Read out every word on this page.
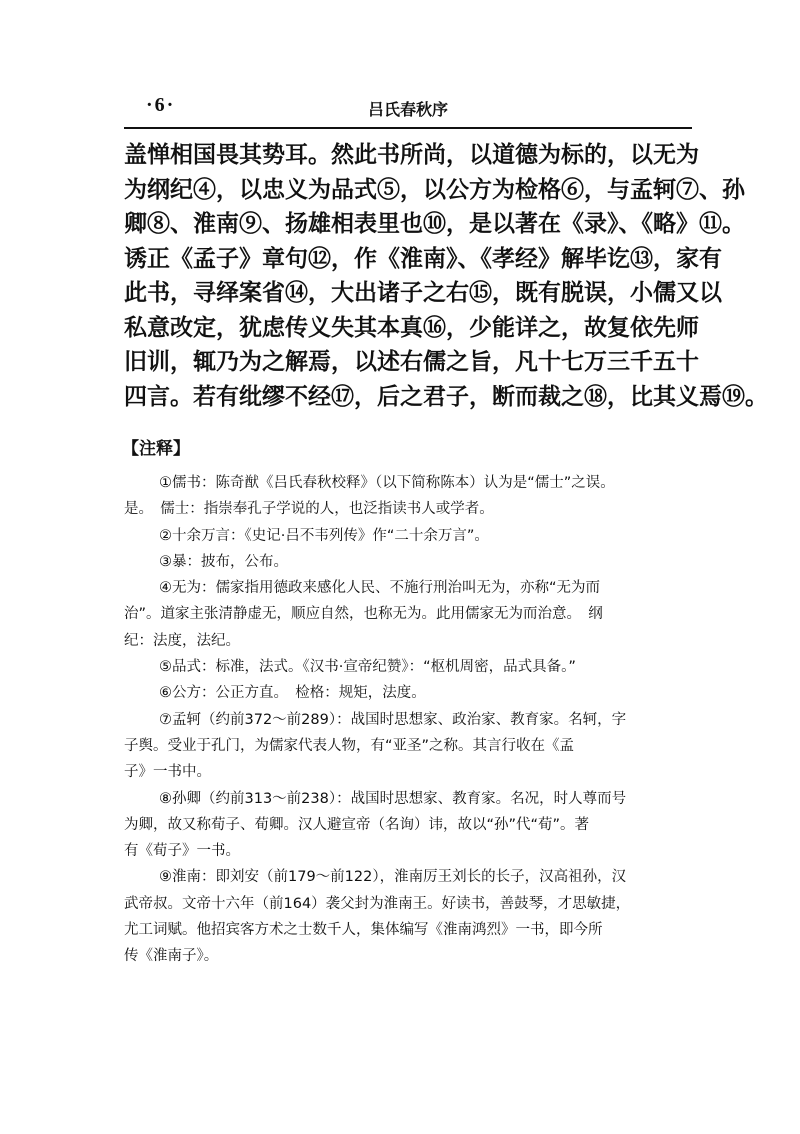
·6·	吕氏春秋序
盖惮相国畏其势耳。然此书所尚，以道德为标的，以无为
为纲纪④，以忠义为品式⑤，以公方为检格⑥，与孟轲⑦、孙
卿⑧、淮南⑨、扬雄相表里也⑩，是以著在《录》、《略》⑪。
诱正《孟子》章句⑫，作《淮南》、《孝经》解毕讫⑬，家有
此书，寻绎案省⑭，大出诸子之右⑮，既有脱误，小儒又以
私意改定，犹虑传义失其本真⑯，少能详之，故复依先师
旧训，辄乃为之解焉，以述右儒之旨，凡十七万三千五十
四言。若有纰缪不经⑰，后之君子，断而裁之⑱，比其义焉⑲。
【注释】
①儒书：陈奇猷《吕氏春秋校释》（以下简称陈本）认为是“儒士”之误。
是。　儒士：指崇奉孔子学说的人，也泛指读书人或学者。
②十余万言：《史记·吕不韦列传》作“二十余万言”。
③暴：披布，公布。
④无为：儒家指用德政来感化人民、不施行刑治叫无为，亦称“无为而
治”。道家主张清静虚无，顺应自然，也称无为。此用儒家无为而治意。　纲
纪：法度，法纪。
⑤品式：标准，法式。《汉书·宣帝纪赞》：“枢机周密，品式具备。”
⑥公方：公正方直。　检格：规矩，法度。
⑦孟轲（约前372～前289）：战国时思想家、政治家、教育家。名轲，字
子舆。受业于孔门，为儒家代表人物，有“亚圣”之称。其言行收在《孟
子》一书中。
⑧孙卿（约前313～前238）：战国时思想家、教育家。名况，时人尊而号
为卿，故又称荀子、荀卿。汉人避宣帝（名询）讳，故以“孙”代“荀”。著
有《荀子》一书。
⑨淮南：即刘安（前179～前122），淮南厉王刘长的长子，汉高祖孙，汉
武帝叔。文帝十六年（前164）袭父封为淮南王。好读书，善鼓琴，才思敏捷，
尤工词赋。他招宾客方术之士数千人，集体编写《淮南鸿烈》一书，即今所
传《淮南子》。
